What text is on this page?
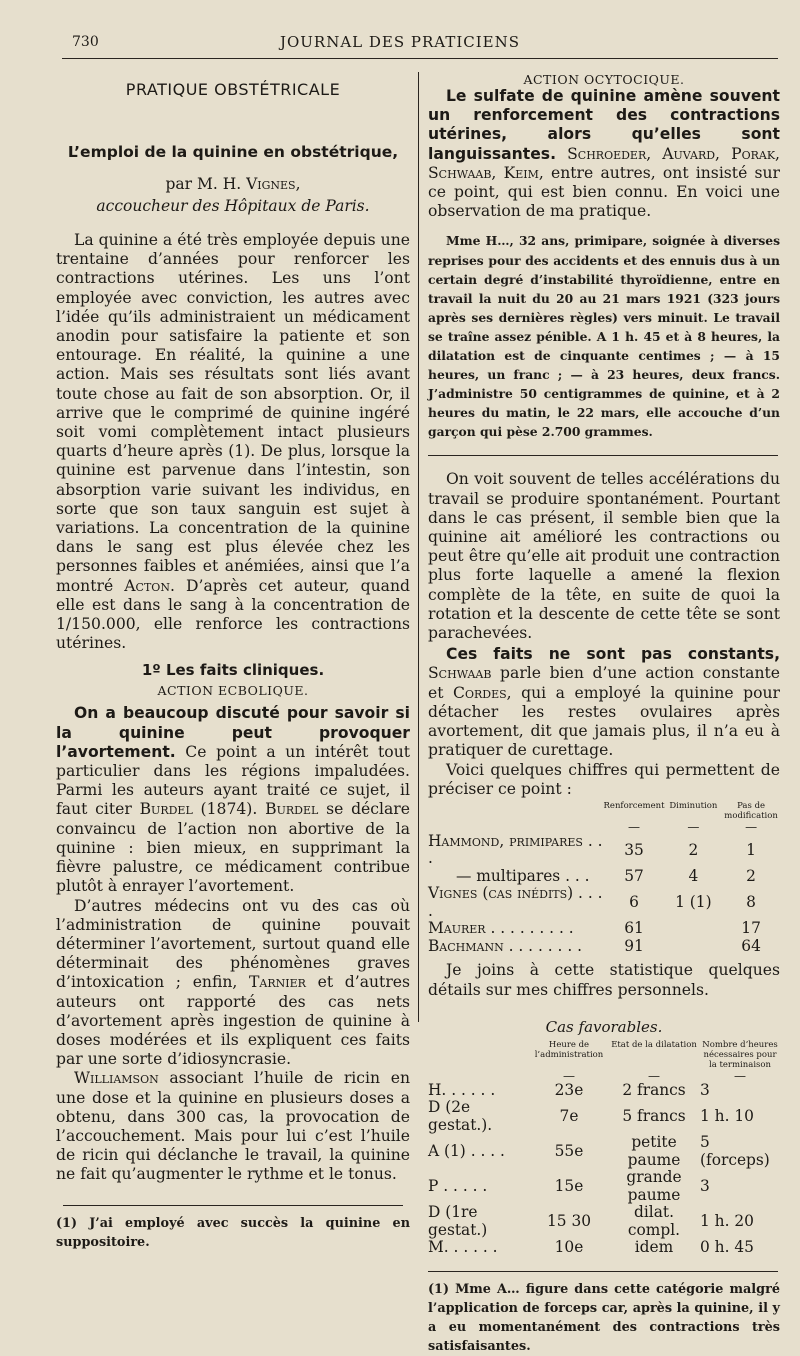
730	JOURNAL DES PRATICIENS
PRATIQUE OBSTÉTRICALE
L’emploi de la quinine en obstétrique,
par M. H. Vignes,
accoucheur des Hôpitaux de Paris.

La quinine a été très employée depuis une trentaine d’années pour renforcer les contractions utérines. Les uns l’ont employée avec conviction, les autres avec l’idée qu’ils administraient un médicament anodin pour satisfaire la patiente et son entourage. En réalité, la quinine a une action. Mais ses résultats sont liés avant toute chose au fait de son absorption. Or, il arrive que le comprimé de quinine ingéré soit vomi complètement intact plusieurs quarts d’heure après (1). De plus, lorsque la quinine est parvenue dans l’intestin, son absorption varie suivant les individus, en sorte que son taux sanguin est sujet à variations. La concentration de la quinine dans le sang est plus élevée chez les personnes faibles et anémiées, ainsi que l’a montré Acton. D’après cet auteur, quand elle est dans le sang à la concentration de 1/150.000, elle renforce les contractions utérines.

1º Les faits cliniques.
ACTION ECBOLIQUE.

On a beaucoup discuté pour savoir si la quinine peut provoquer l’avortement. Ce point a un intérêt tout particulier dans les régions impaludées. Parmi les auteurs ayant traité ce sujet, il faut citer Burdel (1874). Burdel se déclare convaincu de l’action non abortive de la quinine : bien mieux, en supprimant la fièvre palustre, ce médicament contribue plutôt à enrayer l’avortement.

D’autres médecins ont vu des cas où l’administration de quinine pouvait déterminer l’avortement, surtout quand elle déterminait des phénomènes graves d’intoxication ; enfin, Tarnier et d’autres auteurs ont rapporté des cas nets d’avortement après ingestion de quinine à doses modérées et ils expliquent ces faits par une sorte d’idiosyncrasie.

Williamson associant l’huile de ricin en une dose et la quinine en plusieurs doses a obtenu, dans 300 cas, la provocation de l’accouchement. Mais pour lui c’est l’huile de ricin qui déclanche le travail, la quinine ne fait qu’augmenter le rythme et le tonus.

(1) J’ai employé avec succès la quinine en suppositoire.

ACTION OCYTOCIQUE.

Le sulfate de quinine amène souvent un renforcement des contractions utérines, alors qu’elles sont languissantes. Schroeder, Auvard, Porak, Schwaab, Keim, entre autres, ont insisté sur ce point, qui est bien connu. En voici une observation de ma pratique.

Mme H…, 32 ans, primipare, soignée à diverses reprises pour des accidents et des ennuis dus à un certain degré d’instabilité thyroïdienne, entre en travail la nuit du 20 au 21 mars 1921 (323 jours après ses dernières règles) vers minuit. Le travail se traîne assez pénible. A 1 h. 45 et à 8 heures, la dilatation est de cinquante centimes ; — à 15 heures, un franc ; — à 23 heures, deux francs. J’administre 50 centigrammes de quinine, et à 2 heures du matin, le 22 mars, elle accouche d’un garçon qui pèse 2.700 grammes.

On voit souvent de telles accélérations du travail se produire spontanément. Pourtant dans le cas présent, il semble bien que la quinine ait amélioré les contractions ou peut être qu’elle ait produit une contraction plus forte laquelle a amené la flexion complète de la tête, en suite de quoi la rotation et la descente de cette tête se sont parachevées.

Ces faits ne sont pas constants, Schwaab parle bien d’une action constante et Cordes, qui a employé la quinine pour détacher les restes ovulaires après avortement, dit que jamais plus, il n’a eu à pratiquer de curettage.

Voici quelques chiffres qui permettent de préciser ce point :

	Renforcement	Diminution	Pas de modification
	—	—	—
Hammond, primipares . . .	35	2	1
— multipares . . .	57	4	2
Vignes (cas inédits) . . . .	6	1 (1)	8
Maurer . . . . . . . . .	61		17
Bachmann . . . . . . . .	91		64

Je joins à cette statistique quelques détails sur mes chiffres personnels.

Cas favorables.
	Heure de l’administration	Etat de la dilatation	Nombre d’heures nécessaires pour la terminaison
	—	—	—
H. . . . . .	23e	2 francs	3
D (2e gestat.).	7e	5 francs	1 h. 10
A (1) . . . .	55e	petite paume	5 (forceps)
P . . . . .	15e	grande paume	3
D (1re gestat.)	15 30	dilat. compl.	1 h. 20
M. . . . . .	10e	idem	0 h. 45

(1) Mme A… figure dans cette catégorie malgré l’application de forceps car, après la quinine, il y a eu momentanément des contractions très satisfaisantes.
